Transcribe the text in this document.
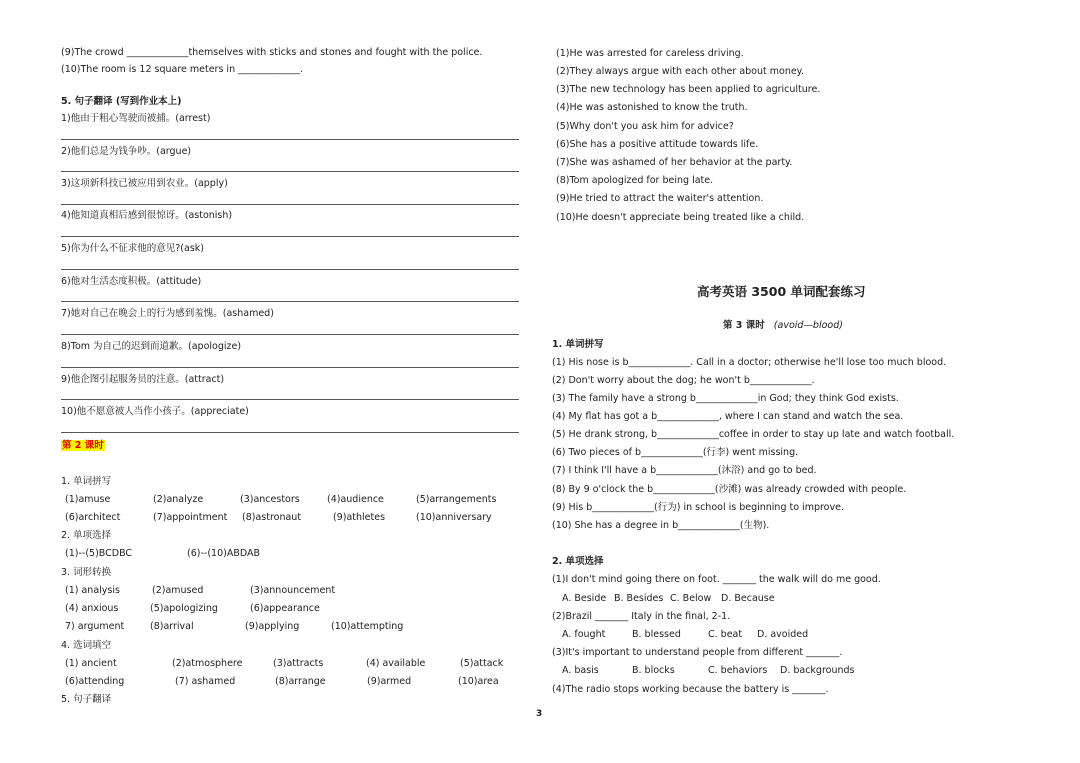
(9)The crowd _____________themselves with sticks and stones and fought with the police.
(10)The room is 12 square meters in _____________.
5. 句子翻译 (写到作业本上)
1)他由于粗心驾驶而被捕。(arrest)
2)他们总是为钱争吵。(argue)
3)这项新科技已被应用到农业。(apply)
4)他知道真相后感到很惊讶。(astonish)
5)你为什么不征求他的意见?(ask)
6)他对生活态度积极。(attitude)
7)她对自己在晚会上的行为感到羞愧。(ashamed)
8)Tom 为自己的迟到而道歉。(apologize)
9)他企图引起服务员的注意。(attract)
10)他不愿意被人当作小孩子。(appreciate)
第 2 课时
1. 单词拼写
(1)amuse	(2)analyze	(3)ancestors	(4)audience	(5)arrangements
(6)architect	(7)appointment (8)astronaut	(9)athletes	(10)anniversary
2. 单项选择
(1)--(5)BCDBC	(6)--(10)ABDAB
3. 词形转换
(1) analysis	(2)amused	(3)announcement
(4) anxious	(5)apologizing	(6)appearance
7) argument	(8)arrival	(9)applying	(10)attempting
4. 选词填空
(1) ancient	(2)atmosphere	(3)attracts	(4) available	(5)attack
(6)attending	(7) ashamed	(8)arrange	(9)armed	(10)area
5. 句子翻译
(1)He was arrested for careless driving.
(2)They always argue with each other about money.
(3)The new technology has been applied to agriculture.
(4)He was astonished to know the truth.
(5)Why don't you ask him for advice?
(6)She has a positive attitude towards life.
(7)She was ashamed of her behavior at the party.
(8)Tom apologized for being late.
(9)He tried to attract the waiter's attention.
(10)He doesn't appreciate being treated like a child.
高考英语 3500 单词配套练习
第 3 课时 (avoid—blood)
1. 单词拼写
(1) His nose is b_____________. Call in a doctor; otherwise he'll lose too much blood.
(2) Don't worry about the dog; he won't b_____________.
(3) The family have a strong b_____________in God; they think God exists.
(4) My flat has got a b_____________, where I can stand and watch the sea.
(5) He drank strong, b_____________coffee in order to stay up late and watch football.
(6) Two pieces of b_____________(行李) went missing.
(7) I think I'll have a b_____________(沐浴) and go to bed.
(8) By 9 o'clock the b_____________(沙滩) was already crowded with people.
(9) His b_____________(行为) in school is beginning to improve.
(10) She has a degree in b_____________(生物).
2. 单项选择
(1)I don't mind going there on foot. _______ the walk will do me good.
A. Beside B. Besides C. Below D. Because
(2)Brazil _______ Italy in the final, 2-1.
A. fought	B. blessed	C. beat D. avoided
(3)It's important to understand people from different _______.
A. basis	B. blocks	C. behaviors D. backgrounds
(4)The radio stops working because the battery is _______.
3
